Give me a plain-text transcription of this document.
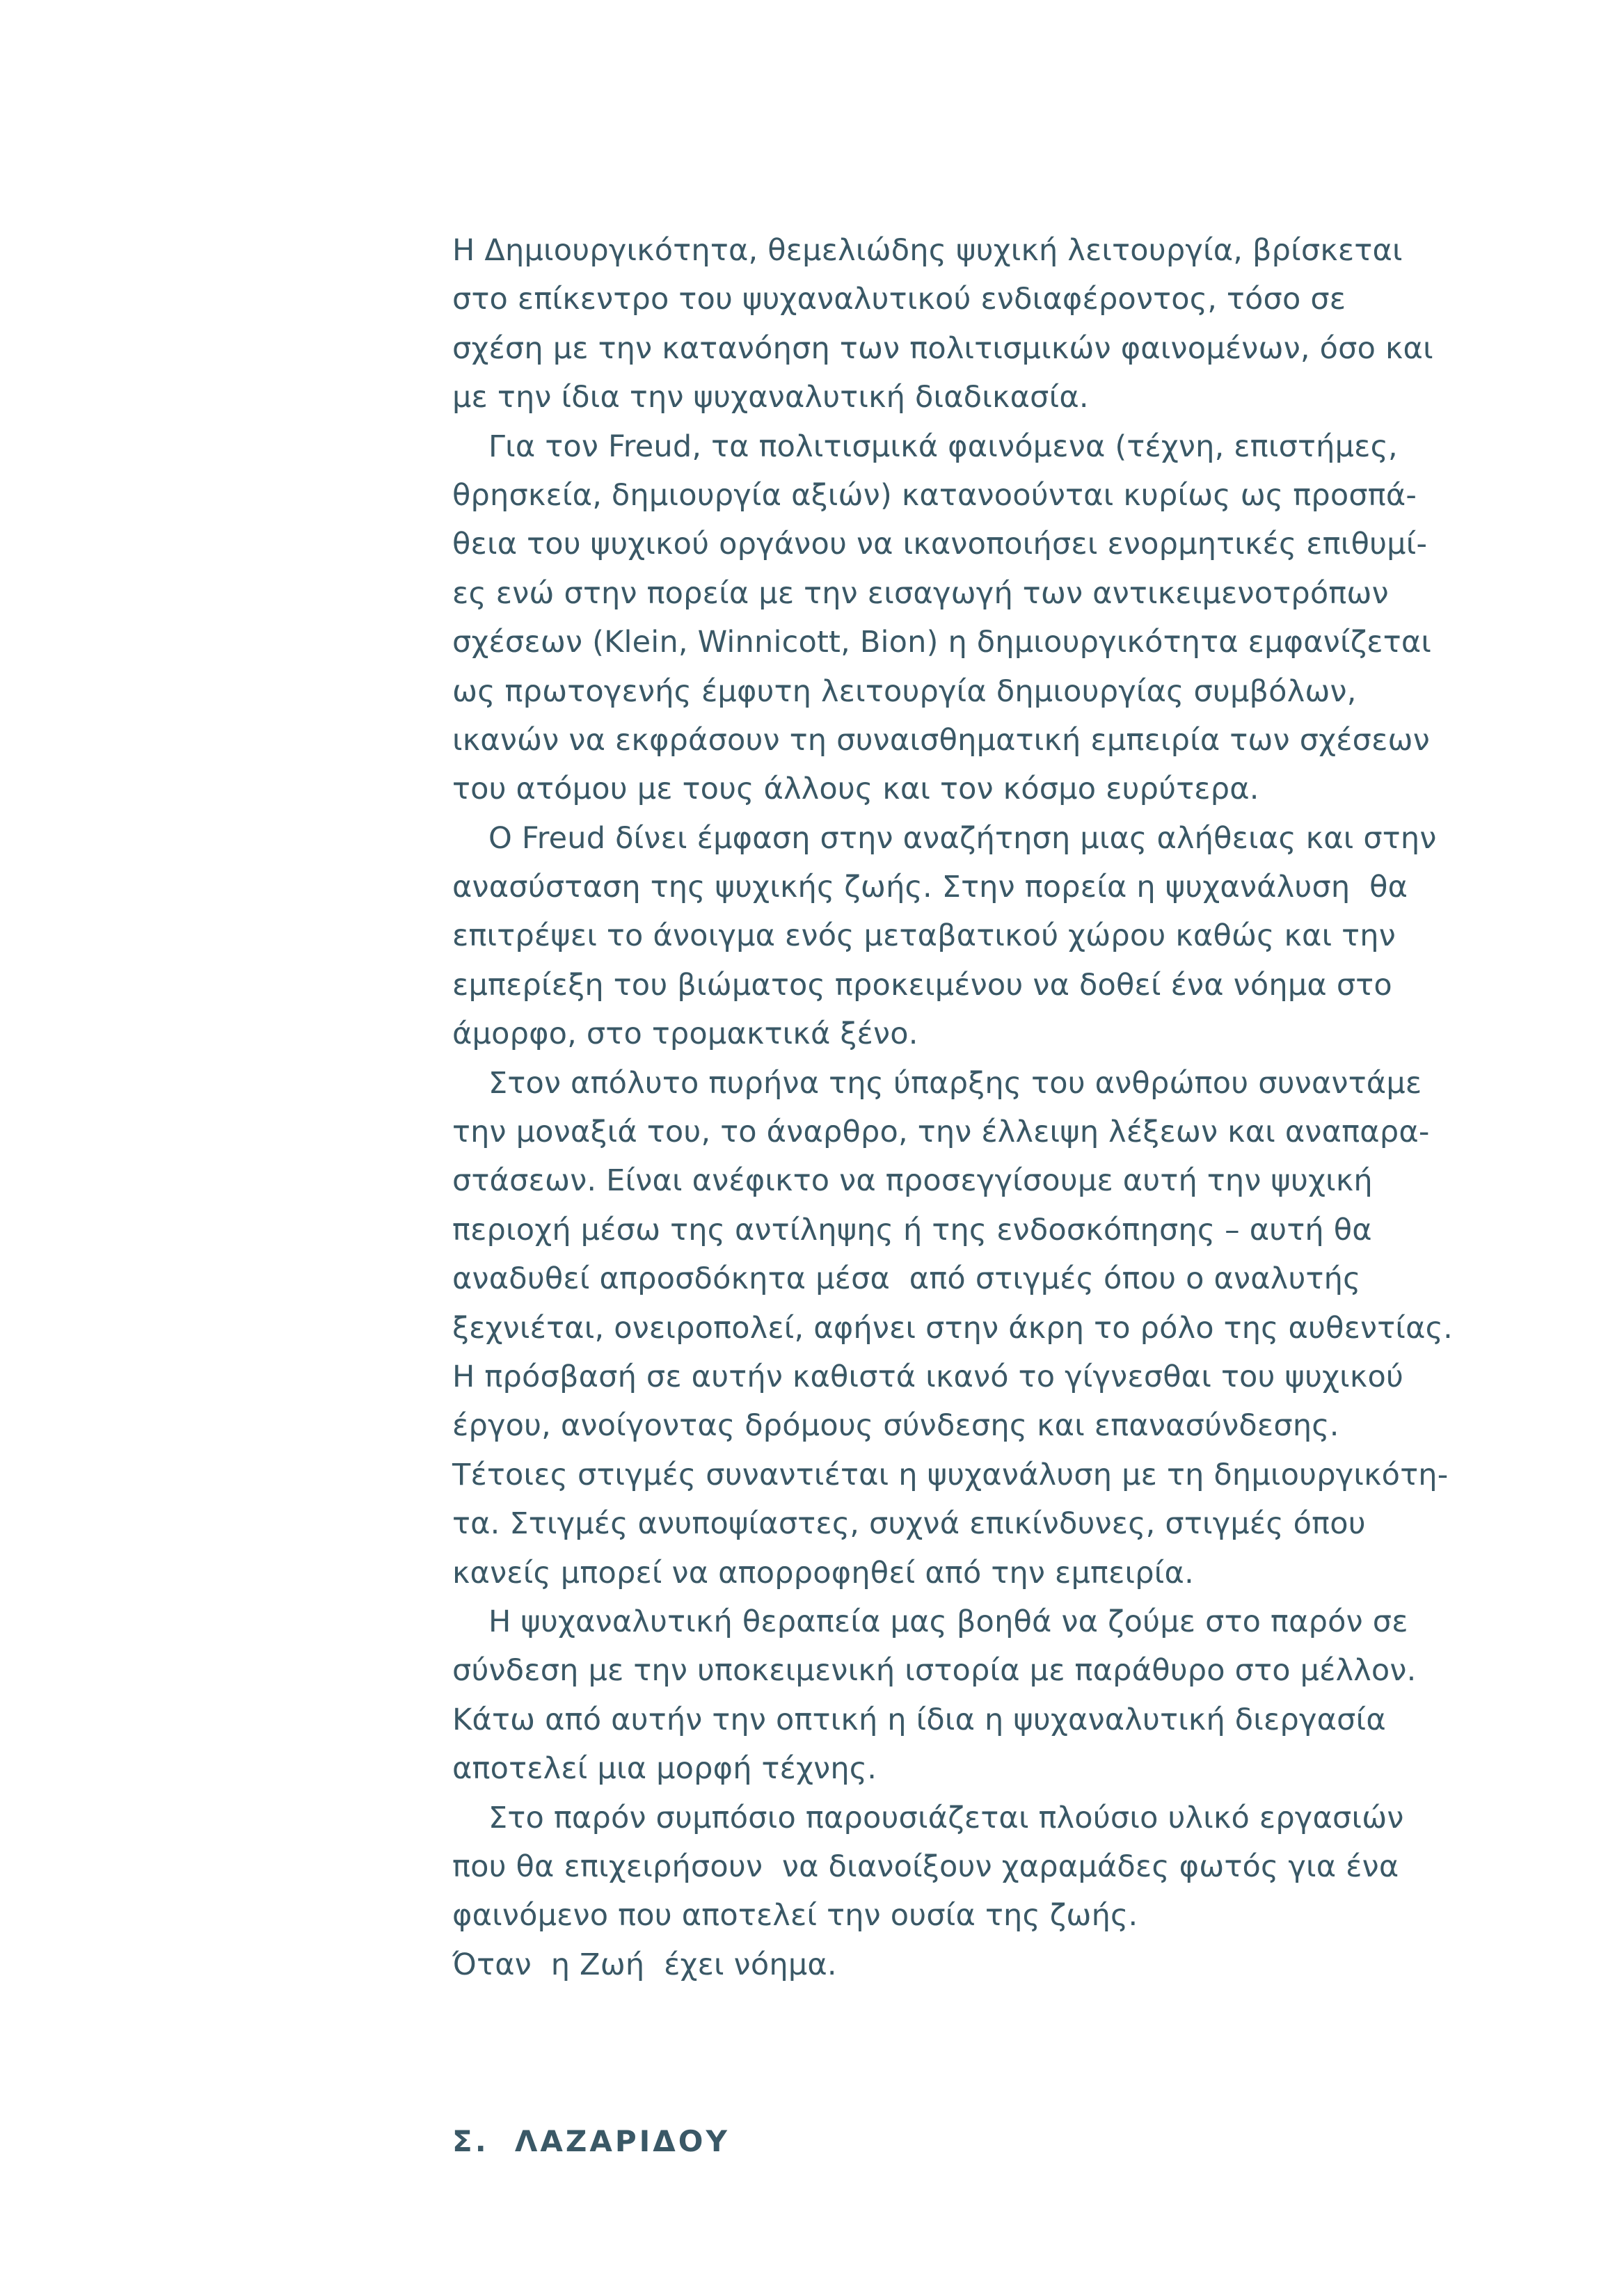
Η Δημιουργικότητα, θεμελιώδης ψυχική λειτουργία, βρίσκεται
στο επίκεντρο του ψυχαναλυτικού ενδιαφέροντος, τόσο σε
σχέση με την κατανόηση των πολιτισμικών φαινομένων, όσο και
με την ίδια την ψυχαναλυτική διαδικασία.
Για τον Freud, τα πολιτισμικά φαινόμενα (τέχνη, επιστήμες,
θρησκεία, δημιουργία αξιών) κατανοούνται κυρίως ως προσπά-
θεια του ψυχικού οργάνου να ικανοποιήσει ενορμητικές επιθυμί-
ες ενώ στην πορεία με την εισαγωγή των αντικειμενοτρόπων
σχέσεων (Klein, Winnicott, Bion) η δημιουργικότητα εμφανίζεται
ως πρωτογενής έμφυτη λειτουργία δημιουργίας συμβόλων,
ικανών να εκφράσουν τη συναισθηματική εμπειρία των σχέσεων
του ατόμου με τους άλλους και τον κόσμο ευρύτερα.
Ο Freud δίνει έμφαση στην αναζήτηση μιας αλήθειας και στην
ανασύσταση της ψυχικής ζωής. Στην πορεία η ψυχανάλυση  θα
επιτρέψει το άνοιγμα ενός μεταβατικού χώρου καθώς και την
εμπερίεξη του βιώματος προκειμένου να δοθεί ένα νόημα στο
άμορφο, στο τρομακτικά ξένο.
Στον απόλυτο πυρήνα της ύπαρξης του ανθρώπου συναντάμε
την μοναξιά του, το άναρθρο, την έλλειψη λέξεων και αναπαρα-
στάσεων. Είναι ανέφικτο να προσεγγίσουμε αυτή την ψυχική
περιοχή μέσω της αντίληψης ή της ενδοσκόπησης – αυτή θα
αναδυθεί απροσδόκητα μέσα  από στιγμές όπου ο αναλυτής
ξεχνιέται, ονειροπολεί, αφήνει στην άκρη το ρόλο της αυθεντίας.
Η πρόσβασή σε αυτήν καθιστά ικανό το γίγνεσθαι του ψυχικού
έργου, ανοίγοντας δρόμους σύνδεσης και επανασύνδεσης.
Τέτοιες στιγμές συναντιέται η ψυχανάλυση με τη δημιουργικότη-
τα. Στιγμές ανυποψίαστες, συχνά επικίνδυνες, στιγμές όπου
κανείς μπορεί να απορροφηθεί από την εμπειρία.
Η ψυχαναλυτική θεραπεία μας βοηθά να ζούμε στο παρόν σε
σύνδεση με την υποκειμενική ιστορία με παράθυρο στο μέλλον.
Κάτω από αυτήν την οπτική η ίδια η ψυχαναλυτική διεργασία
αποτελεί μια μορφή τέχνης.
Στο παρόν συμπόσιο παρουσιάζεται πλούσιο υλικό εργασιών
που θα επιχειρήσουν  να διανοίξουν χαραμάδες φωτός για ένα
φαινόμενο που αποτελεί την ουσία της ζωής.
Όταν  η Ζωή  έχει νόημα.
Σ.  ΛΑΖΑΡΙΔΟΥ
